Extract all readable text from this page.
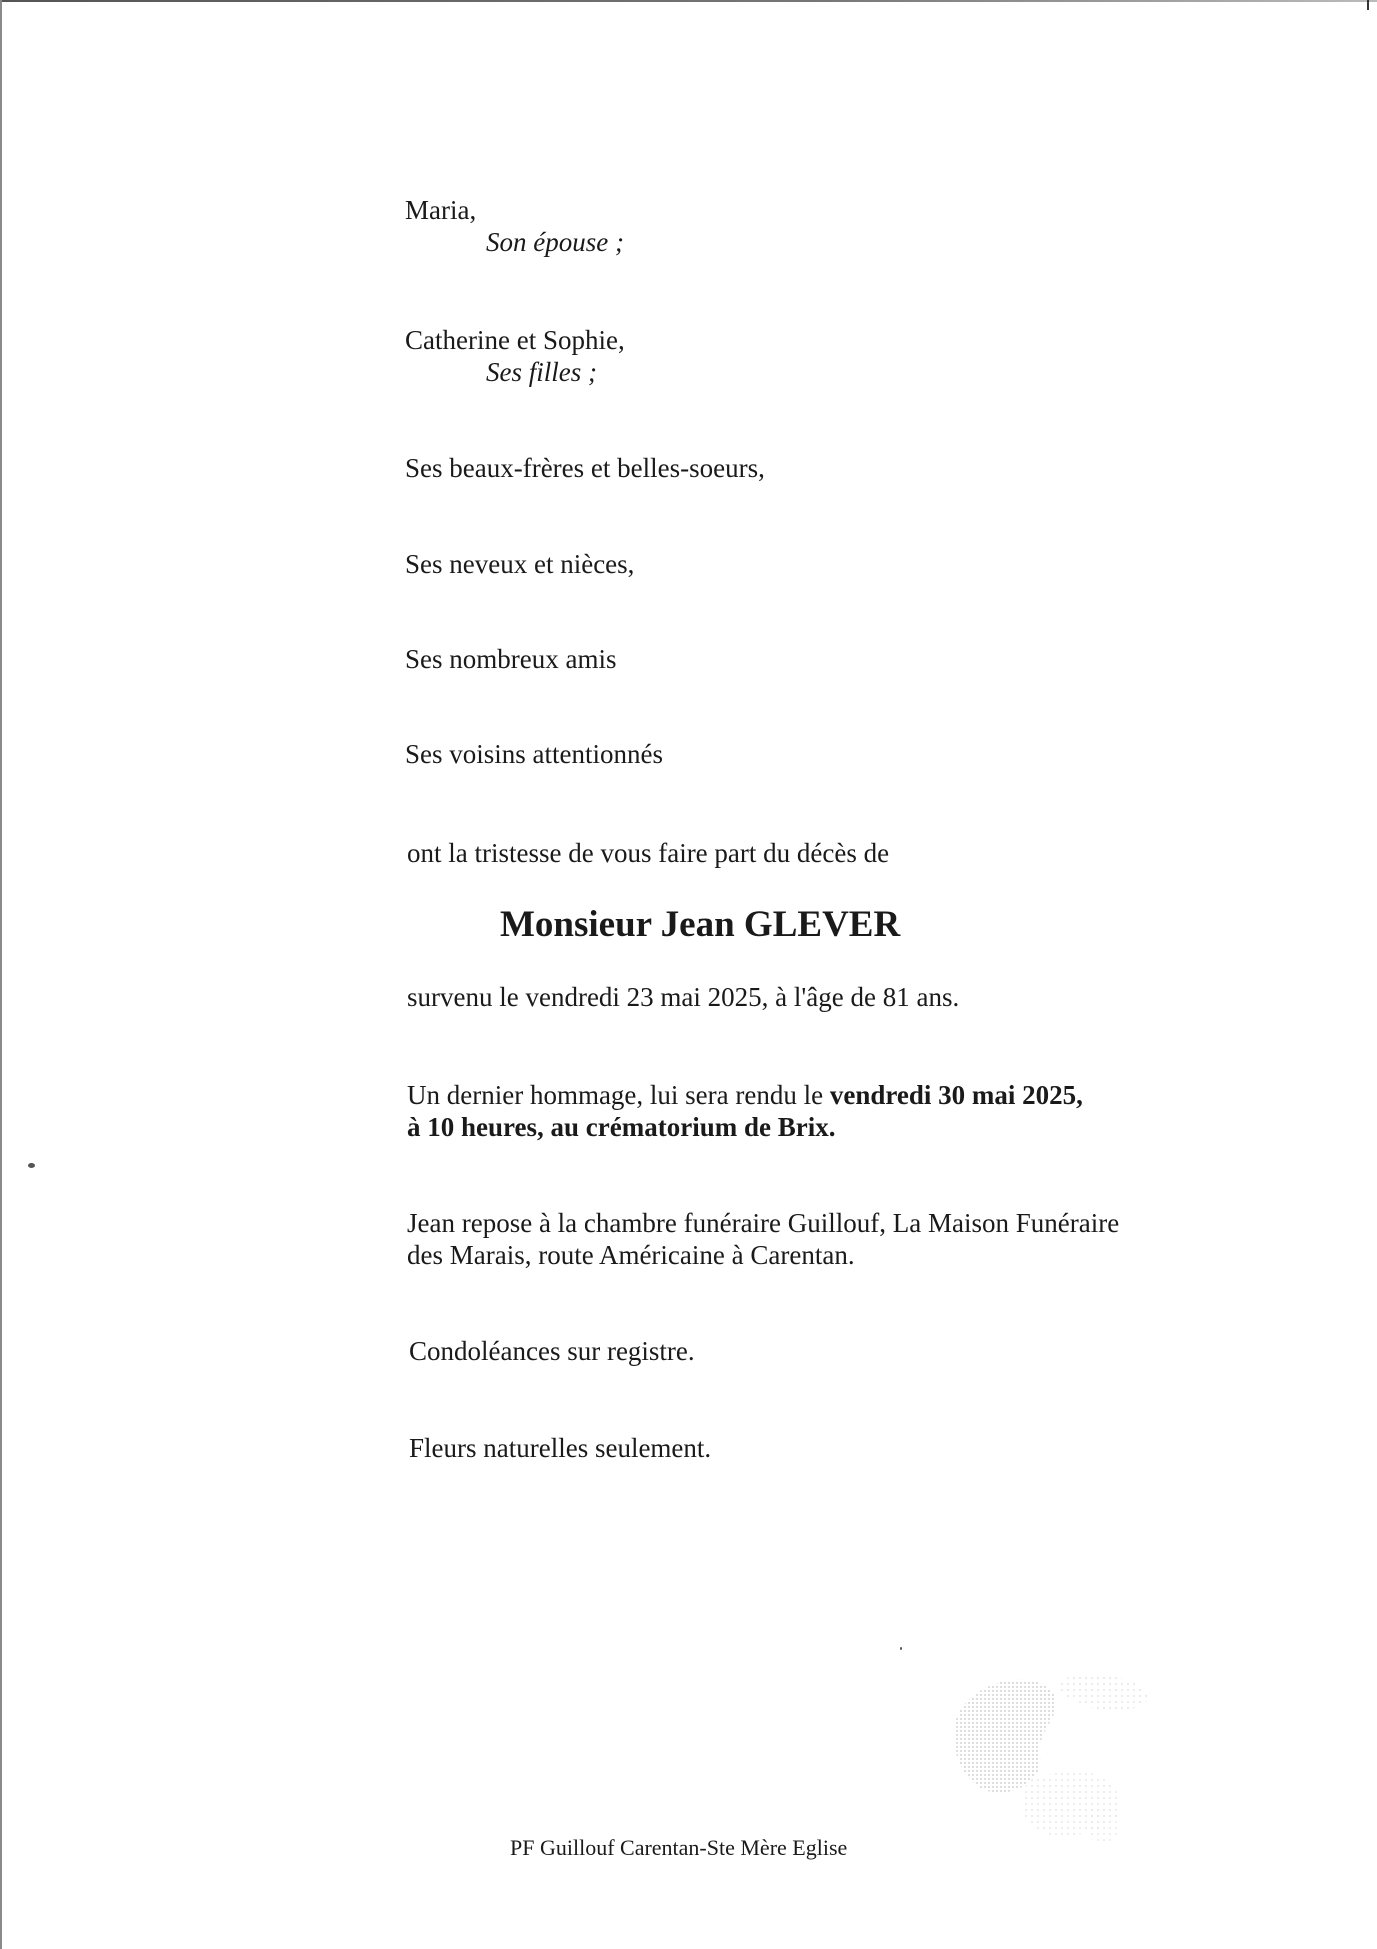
Maria,

Son épouse ;

Catherine et Sophie,

Ses filles ;

Ses beaux-frères et belles-soeurs,

Ses neveux et nièces,

Ses nombreux amis

Ses voisins attentionnés

ont la tristesse de vous faire part du décès de

Monsieur Jean GLEVER

survenu le vendredi 23 mai 2025, à l'âge de 81 ans.

Un dernier hommage, lui sera rendu le vendredi 30 mai 2025,

à 10 heures, au crématorium de Brix.

Jean repose à la chambre funéraire Guillouf, La Maison Funéraire

des Marais, route Américaine à Carentan.

Condoléances sur registre.

Fleurs naturelles seulement.

PF Guillouf Carentan-Ste Mère Eglise
